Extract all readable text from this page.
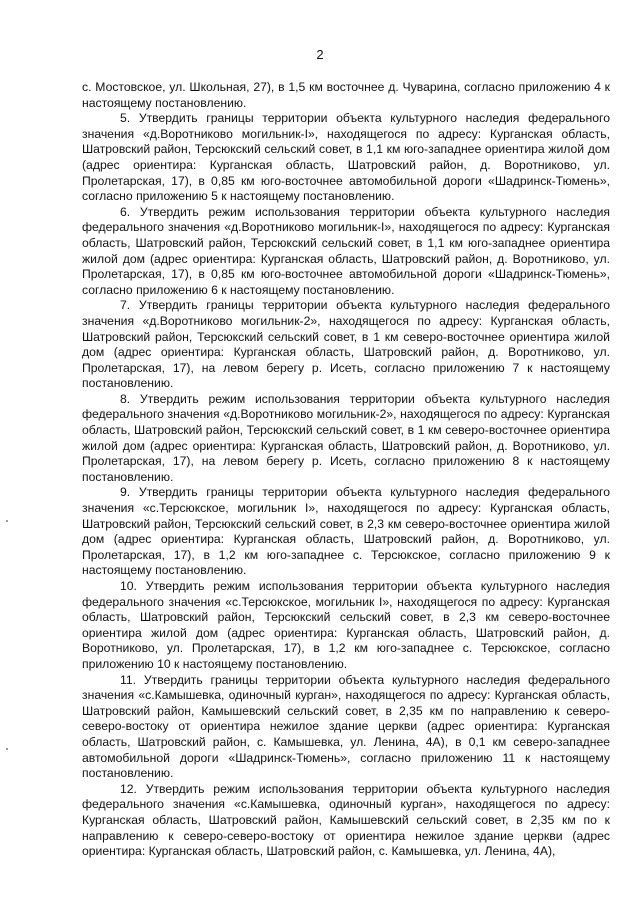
2

с. Мостовское, ул. Школьная, 27), в 1,5 км восточнее д. Чуварина, согласно приложению 4 к настоящему постановлению.

5. Утвердить границы территории объекта культурного наследия федерального значения «д.Воротниково могильник-I», находящегося по адресу: Курганская область, Шатровский район, Терсюкский сельский совет, в 1,1 км юго-западнее ориентира жилой дом (адрес ориентира: Курганская область, Шатровский район, д. Воротниково, ул. Пролетарская, 17), в 0,85 км юго-восточнее автомобильной дороги «Шадринск-Тюмень», согласно приложению 5 к настоящему постановлению.

6. Утвердить режим использования территории объекта культурного наследия федерального значения «д.Воротниково могильник-I», находящегося по адресу: Курганская область, Шатровский район, Терсюкский сельский совет, в 1,1 км юго-западнее ориентира жилой дом (адрес ориентира: Курганская область, Шатровский район, д. Воротниково, ул. Пролетарская, 17), в 0,85 км юго-восточнее автомобильной дороги «Шадринск-Тюмень», согласно приложению 6 к настоящему постановлению.

7. Утвердить границы территории объекта культурного наследия федерального значения «д.Воротниково могильник-2», находящегося по адресу: Курганская область, Шатровский район, Терсюкский сельский совет, в 1 км северо-восточнее ориентира жилой дом (адрес ориентира: Курганская область, Шатровский район, д. Воротниково, ул. Пролетарская, 17), на левом берегу р. Исеть, согласно приложению 7 к настоящему постановлению.

8. Утвердить режим использования территории объекта культурного наследия федерального значения «д.Воротниково могильник-2», находящегося по адресу: Курганская область, Шатровский район, Терсюкский сельский совет, в 1 км северо-восточнее ориентира жилой дом (адрес ориентира: Курганская область, Шатровский район, д. Воротниково, ул. Пролетарская, 17), на левом берегу р. Исеть, согласно приложению 8 к настоящему постановлению.

9. Утвердить границы территории объекта культурного наследия федерального значения «с.Терсюкское, могильник I», находящегося по адресу: Курганская область, Шатровский район, Терсюкский сельский совет, в 2,3 км северо-восточнее ориентира жилой дом (адрес ориентира: Курганская область, Шатровский район, д. Воротниково, ул. Пролетарская, 17), в 1,2 км юго-западнее с. Терсюкское, согласно приложению 9 к настоящему постановлению.

10. Утвердить режим использования территории объекта культурного наследия федерального значения «с.Терсюкское, могильник I», находящегося по адресу: Курганская область, Шатровский район, Терсюкский сельский совет, в 2,3 км северо-восточнее ориентира жилой дом (адрес ориентира: Курганская область, Шатровский район, д. Воротниково, ул. Пролетарская, 17), в 1,2 км юго-западнее с. Терсюкское, согласно приложению 10 к настоящему постановлению.

11. Утвердить границы территории объекта культурного наследия федерального значения «с.Камышевка, одиночный курган», находящегося по адресу: Курганская область, Шатровский район, Камышевский сельский совет, в 2,35 км по направлению к северо-северо-востоку от ориентира нежилое здание церкви (адрес ориентира: Курганская область, Шатровский район, с. Камышевка, ул. Ленина, 4А), в 0,1 км северо-западнее автомобильной дороги «Шадринск-Тюмень», согласно приложению 11 к настоящему постановлению.

12. Утвердить режим использования территории объекта культурного наследия федерального значения «с.Камышевка, одиночный курган», находящегося по адресу: Курганская область, Шатровский район, Камышевский сельский совет, в 2,35 км по к направлению к северо-северо-востоку от ориентира нежилое здание церкви (адрес ориентира: Курганская область, Шатровский район, с. Камышевка, ул. Ленина, 4А),
